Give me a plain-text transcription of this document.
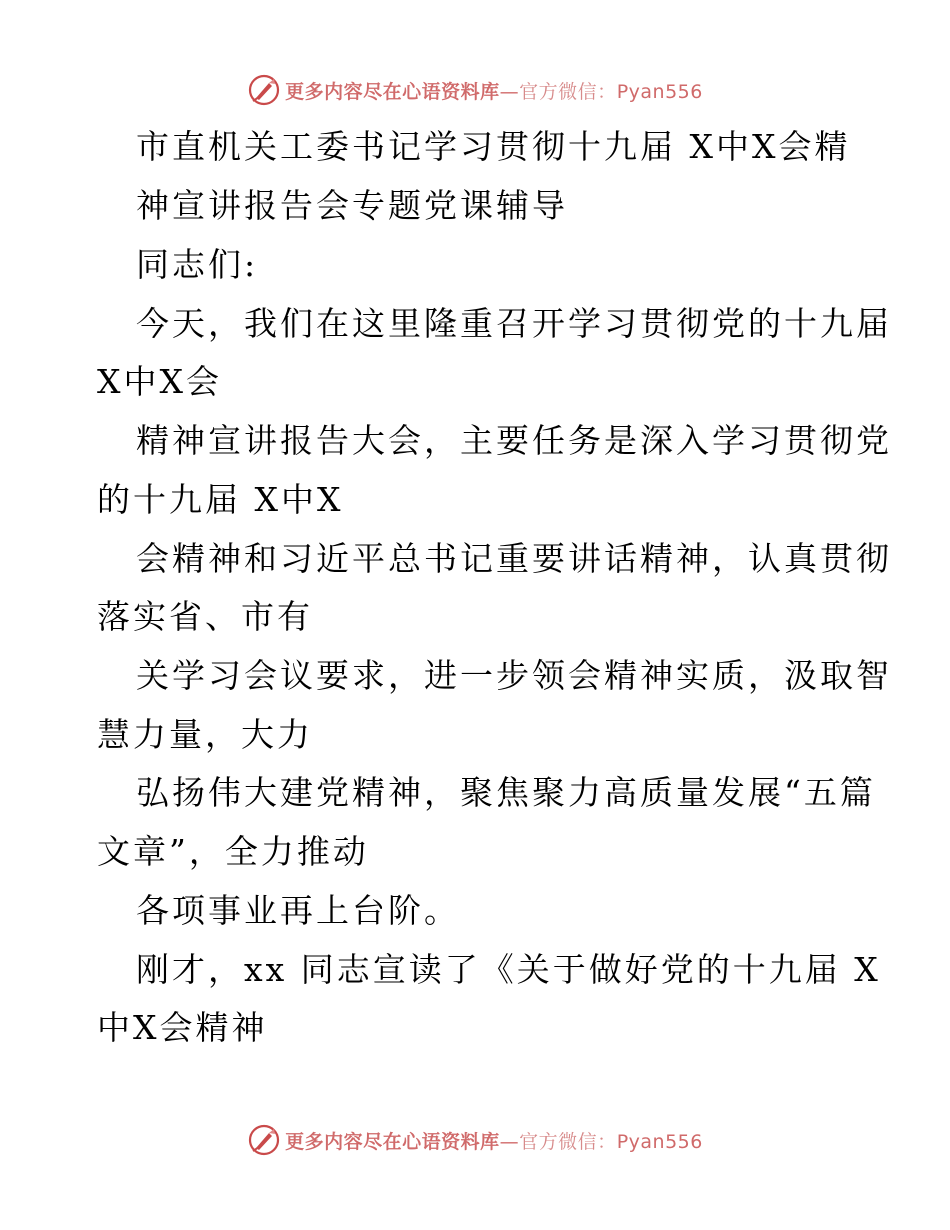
更多内容尽在心语资料库—官方微信：Pyan556
市直机关工委书记学习贯彻十九届 X中X会精
神宣讲报告会专题党课辅导
同志们:
今天，我们在这里隆重召开学习贯彻党的十九届
X中X会
精神宣讲报告大会，主要任务是深入学习贯彻党
的十九届 X中X
会精神和习近平总书记重要讲话精神，认真贯彻
落实省、市有
关学习会议要求，进一步领会精神实质，汲取智
慧力量，大力
弘扬伟大建党精神，聚焦聚力高质量发展“五篇
文章”，全力推动
各项事业再上台阶。
刚才，xx 同志宣读了《关于做好党的十九届 X
中X会精神
更多内容尽在心语资料库—官方微信：Pyan556
